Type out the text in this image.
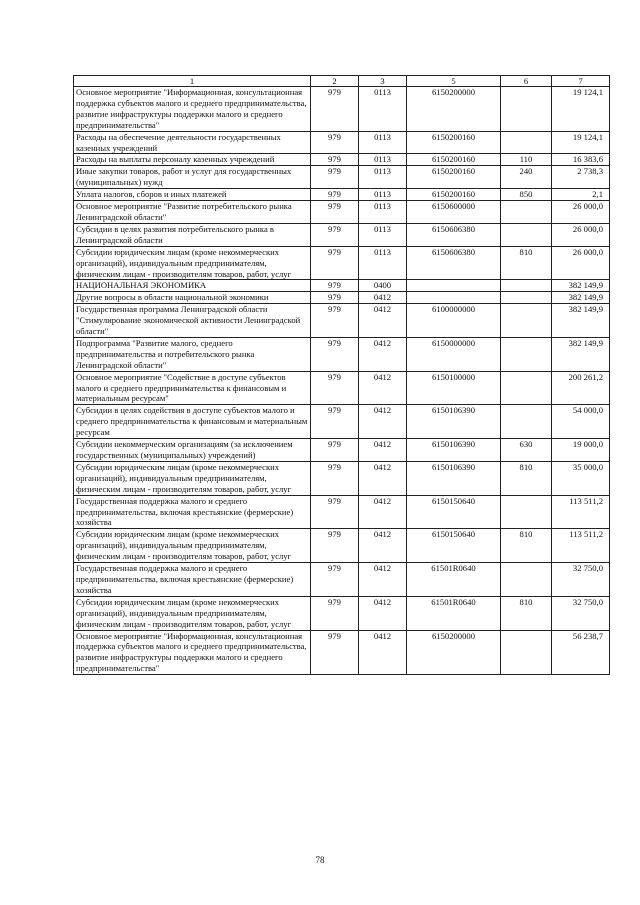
1	2	3	5	6	7
Основное мероприятие "Информационная, консультационная поддержка субъектов малого и среднего предпринимательства, развитие инфраструктуры поддержки малого и среднего предпринимательства"	979	0113	6150200000		19 124,1
Расходы на обеспечение деятельности государственных казенных учреждений	979	0113	6150200160		19 124,1
Расходы на выплаты персоналу казенных учреждений	979	0113	6150200160	110	16 383,6
Иные закупки товаров, работ и услуг для государственных (муниципальных) нужд	979	0113	6150200160	240	2 738,3
Уплата налогов, сборов и иных платежей	979	0113	6150200160	850	2,1
Основное мероприятие "Развитие потребительского рынка Ленинградской области"	979	0113	6150600000		26 000,0
Субсидии в целях развития потребительского рынка в Ленинградской области	979	0113	6150606380		26 000,0
Субсидии юридическим лицам (кроме некоммерческих организаций), индивидуальным предпринимателям, физическим лицам - производителям товаров, работ, услуг	979	0113	6150606380	810	26 000,0
НАЦИОНАЛЬНАЯ ЭКОНОМИКА	979	0400			382 149,9
Другие вопросы в области национальной экономики	979	0412			382 149,9
Государственная программа Ленинградской области "Стимулирование экономической активности Ленинградской области"	979	0412	6100000000		382 149,9
Подпрограмма "Развитие малого, среднего предпринимательства и потребительского рынка Ленинградской области"	979	0412	6150000000		382 149,9
Основное мероприятие "Содействие в доступе субъектов малого и среднего предпринимательства к финансовым и материальным ресурсам"	979	0412	6150100000		200 261,2
Субсидии в целях содействия в доступе субъектов малого и среднего предпринимательства к финансовым и материальным ресурсам	979	0412	6150106390		54 000,0
Субсидии некоммерческим организациям (за исключением государственных (муниципальных) учреждений)	979	0412	6150106390	630	19 000,0
Субсидии юридическим лицам (кроме некоммерческих организаций), индивидуальным предпринимателям, физическим лицам - производителям товаров, работ, услуг	979	0412	6150106390	810	35 000,0
Государственная поддержка малого и среднего предпринимательства, включая крестьянские (фермерские) хозяйства	979	0412	6150150640		113 511,2
Субсидии юридическим лицам (кроме некоммерческих организаций), индивидуальным предпринимателям, физическим лицам - производителям товаров, работ, услуг	979	0412	6150150640	810	113 511,2
Государственная поддержка малого и среднего предпринимательства, включая крестьянские (фермерские) хозяйства	979	0412	61501R0640		32 750,0
Субсидии юридическим лицам (кроме некоммерческих организаций), индивидуальным предпринимателям, физическим лицам - производителям товаров, работ, услуг	979	0412	61501R0640	810	32 750,0
Основное мероприятие "Информационная, консультационная поддержка субъектов малого и среднего предпринимательства, развитие инфраструктуры поддержки малого и среднего предпринимательства"	979	0412	6150200000		56 238,7
78
